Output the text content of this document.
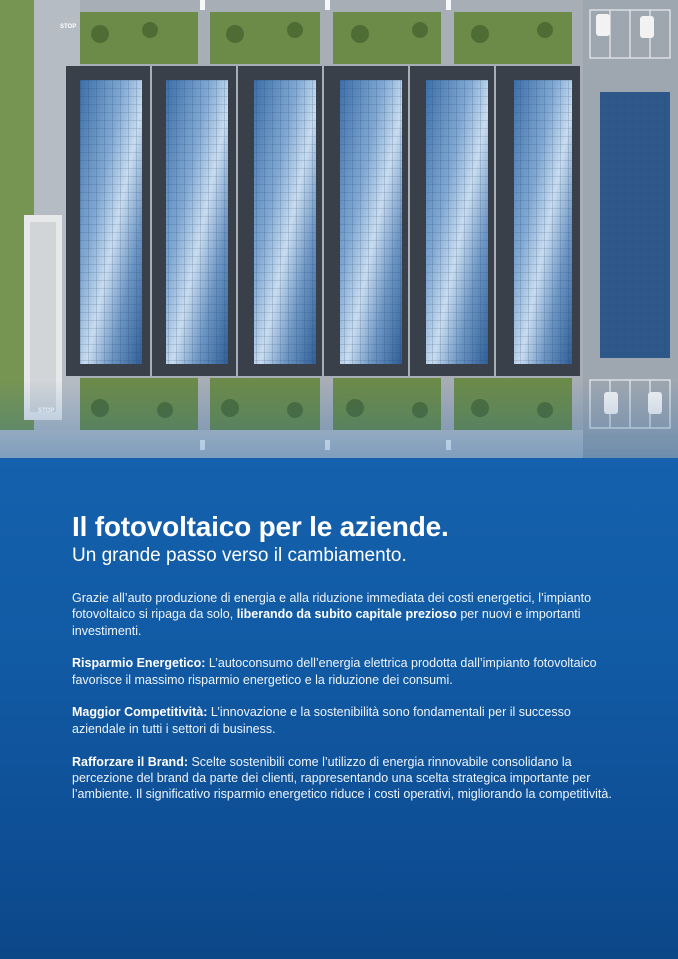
STOP
Il fotovoltaico per le aziende.
Un grande passo verso il cambiamento.

Grazie all’auto produzione di energia e alla riduzione immediata dei costi energetici, l’impianto fotovoltaico si ripaga da solo, liberando da subito capitale prezioso per nuovi e importanti investimenti.

Risparmio Energetico: L’autoconsumo dell’energia elettrica prodotta dall’impianto fotovoltaico favorisce il massimo risparmio energetico e la riduzione dei consumi.

Maggior Competitività: L’innovazione e la sostenibilità sono fondamentali per il successo aziendale in tutti i settori di business.

Rafforzare il Brand: Scelte sostenibili come l’utilizzo di energia rinnovabile consolidano la percezione del brand da parte dei clienti, rappresentando una scelta strategica importante per l’ambiente. Il significativo risparmio energetico riduce i costi operativi, migliorando la competitività.
